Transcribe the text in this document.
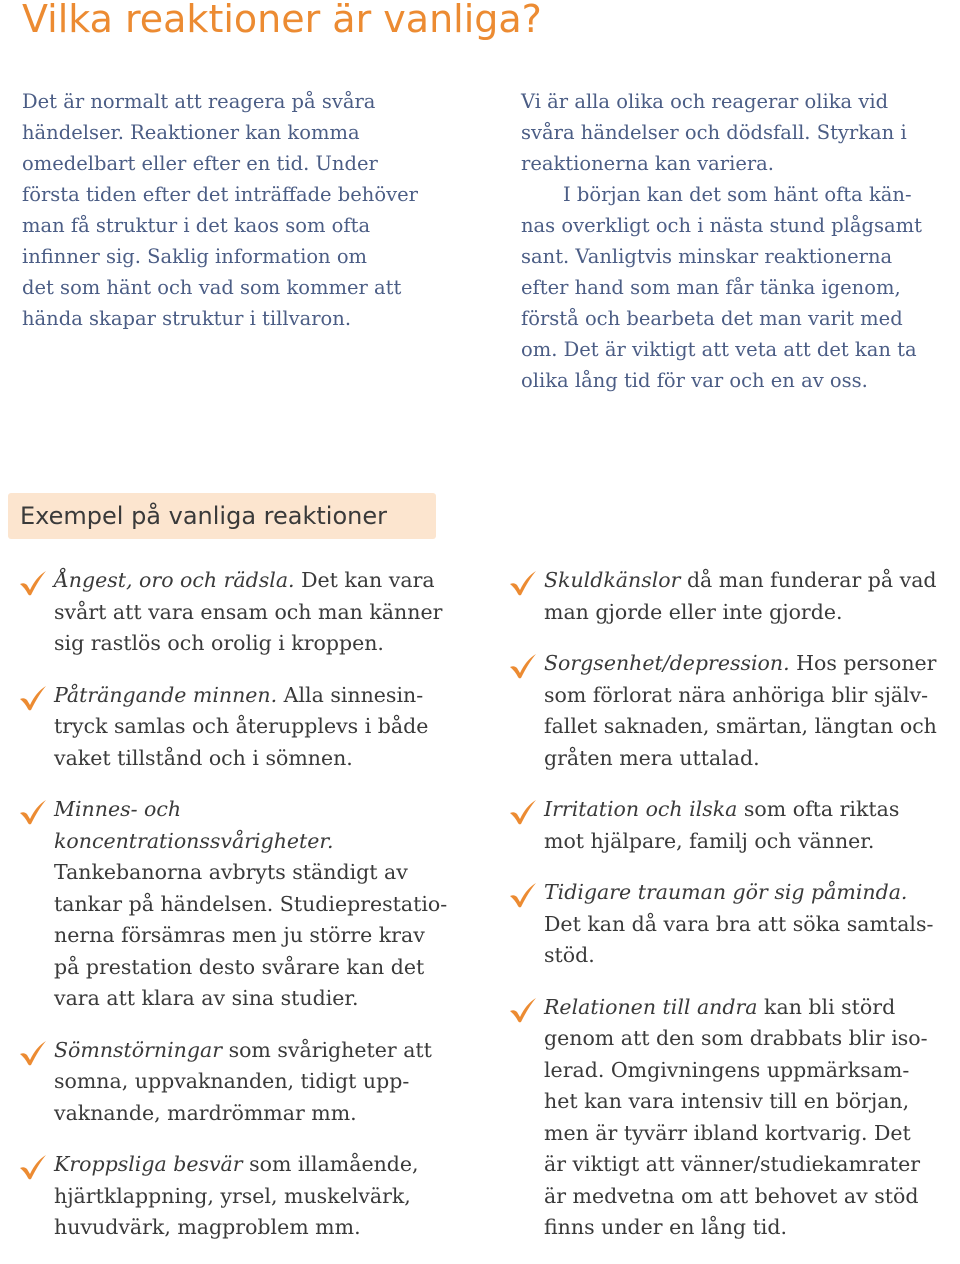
Vilka reaktioner är vanliga?

Det är normalt att reagera på svåra
händelser. Reaktioner kan komma
omedelbart eller efter en tid. Under
första tiden efter det inträffade behöver
man få struktur i det kaos som ofta
infinner sig. Saklig information om
det som hänt och vad som kommer att
hända skapar struktur i tillvaron.

Vi är alla olika och reagerar olika vid
svåra händelser och dödsfall. Styrkan i
reaktionerna kan variera.

I början kan det som hänt ofta kän-
nas overkligt och i nästa stund plågsamt
sant. Vanligtvis minskar reaktionerna
efter hand som man får tänka igenom,
förstå och bearbeta det man varit med
om. Det är viktigt att veta att det kan ta
olika lång tid för var och en av oss.

Exempel på vanliga reaktioner
Ångest, oro och rädsla. Det kan vara
svårt att vara ensam och man känner
sig rastlös och orolig i kroppen.
Påträngande minnen. Alla sinnesin-
tryck samlas och återupplevs i både
vaket tillstånd och i sömnen.
Minnes- och koncentrationssvårigheter.
Tankebanorna avbryts ständigt av
tankar på händelsen. Studieprestatio-
nerna försämras men ju större krav
på prestation desto svårare kan det
vara att klara av sina studier.
Sömnstörningar som svårigheter att
somna, uppvaknanden, tidigt upp-
vaknande, mardrömmar mm.
Kroppsliga besvär som illamående,
hjärtklappning, yrsel, muskelvärk,
huvudvärk, magproblem mm.
Skuldkänslor då man funderar på vad
man gjorde eller inte gjorde.
Sorgsenhet/depression. Hos personer
som förlorat nära anhöriga blir själv-
fallet saknaden, smärtan, längtan och
gråten mera uttalad.
Irritation och ilska som ofta riktas
mot hjälpare, familj och vänner.
Tidigare trauman gör sig påminda.
Det kan då vara bra att söka samtals-
stöd.
Relationen till andra kan bli störd
genom att den som drabbats blir iso-
lerad. Omgivningens uppmärksam-
het kan vara intensiv till en början,
men är tyvärr ibland kortvarig. Det
är viktigt att vänner/studiekamrater
är medvetna om att behovet av stöd
finns under en lång tid.
